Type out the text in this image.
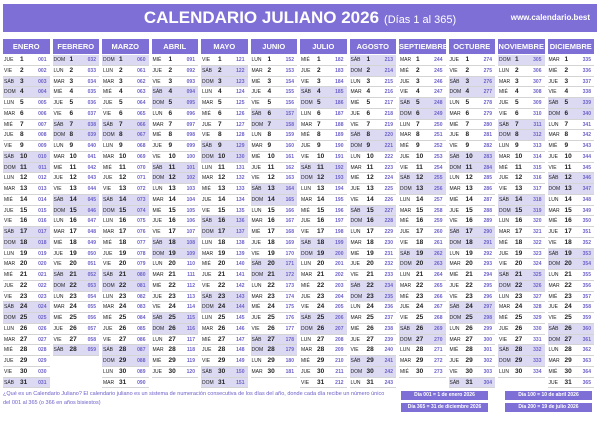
CALENDARIO JULIANO 2026 (Días 1 al 365)	www.calendario.best
ENERO
JUE 1	001
VIE 2	002
SÁB 3	003
DOM 4	004
LUN 5	005
MAR 6	006
MIÉ 7	007
JUE 8	008
VIE 9	009
SÁB 10 010
DOM 11 011
LUN 12 012
MAR 13 013
MIÉ 14 014
JUE 15 015
VIE 16 016
SÁB 17 017
DOM 18 018
LUN 19 019
MAR 20 020
MIÉ 21 021
JUE 22 022
VIE 23 023
SÁB 24 024
DOM 25 025
LUN 26 026
MAR 27 027
MIÉ 28 028
JUE 29 029
VIE 30 030
SÁB 31 031
FEBRERO
DOM 1	032
LUN 2	033
MAR 3	034
MIÉ 4	035
JUE 5	036
VIE 6	037
SÁB 7	038
DOM 8	039
LUN 9	040
MAR 10 041
MIÉ 11 042
JUE 12 043
VIE 13 044
SÁB 14 045
DOM 15 046
LUN 16 047
MAR 17 048
MIÉ 18 049
JUE 19 050
VIE 20 051
SÁB 21 052
DOM 22 053
LUN 23 054
MAR 24 055
MIÉ 25 056
JUE 26 057
VIE 27 058
SÁB 28 059
MARZO
DOM 1	060
LUN 2	061
MAR 3	062
MIÉ 4	063
JUE 5	064
VIE 6	065
SÁB 7	066
DOM 8	067
LUN 9	068
MAR 10 069
MIÉ 11 070
JUE 12 071
VIE 13 072
SÁB 14 073
DOM 15 074
LUN 16 075
MAR 17 076
MIÉ 18 077
JUE 19 078
VIE 20 079
SÁB 21 080
DOM 22 081
LUN 23 082
MAR 24 083
MIÉ 25 084
JUE 26 085
VIE 27 086
SÁB 28 087
DOM 29 088
LUN 30 089
MAR 31 090
ABRIL
MIÉ 1	091
JUE 2	092
VIE 3	093
SÁB 4	094
DOM 5	095
LUN 6	096
MAR 7	097
MIÉ 8	098
JUE 9	099
VIE 10 100
SÁB 11 101
DOM 12 102
LUN 13 103
MAR 14 104
MIÉ 15 105
JUE 16 106
VIE 17 107
SÁB 18 108
DOM 19 109
LUN 20 110
MAR 21 111
MIÉ 22 112
JUE 23 113
VIE 24 114
SÁB 25 115
DOM 26 116
LUN 27 117
MAR 28 118
MIÉ 29 119
JUE 30 120
MAYO
VIE 1	121
SÁB 2	122
DOM 3	123
LUN 4	124
MAR 5	125
MIÉ 6	126
JUE 7	127
VIE 8	128
SÁB 9	129
DOM 10 130
LUN 11 131
MAR 12 132
MIÉ 13 133
JUE 14 134
VIE 15 135
SÁB 16 136
DOM 17 137
LUN 18 138
MAR 19 139
MIÉ 20 140
JUE 21 141
VIE 22 142
SÁB 23 143
DOM 24 144
LUN 25 145
MAR 26 146
MIÉ 27 147
JUE 28 148
VIE 29 149
SÁB 30 150
DOM 31 151
JUNIO
LUN 1	152
MAR 2	153
MIÉ 3	154
JUE 4	155
VIE 5	156
SÁB 6	157
DOM 7	158
LUN 8	159
MAR 9	160
MIÉ 10 161
JUE 11 162
VIE 12 163
SÁB 13 164
DOM 14 165
LUN 15 166
MAR 16 167
MIÉ 17 168
JUE 18 169
VIE 19 170
SÁB 20 171
DOM 21 172
LUN 22 173
MAR 23 174
MIÉ 24 175
JUE 25 176
VIE 26 177
SÁB 27 178
DOM 28 179
LUN 29 180
MAR 30 181
JULIO
MIÉ 1	182
JUE 2	183
VIE 3	184
SÁB 4	185
DOM 5	186
LUN 6	187
MAR 7	188
MIÉ 8	189
JUE 9	190
VIE 10 191
SÁB 11 192
DOM 12 193
LUN 13 194
MAR 14 195
MIÉ 15 196
JUE 16 197
VIE 17 198
SÁB 18 199
DOM 19 200
LUN 20 201
MAR 21 202
MIÉ 22 203
JUE 23 204
VIE 24 205
SÁB 25 206
DOM 26 207
LUN 27 208
MAR 28 209
MIÉ 29 210
JUE 30 211
VIE 31 212
AGOSTO
SÁB 1	213
DOM 2	214
LUN 3	215
MAR 4	216
MIÉ 5	217
JUE 6	218
VIE 7	219
SÁB 8	220
DOM 9	221
LUN 10 222
MAR 11 223
MIÉ 12 224
JUE 13 225
VIE 14 226
SÁB 15 227
DOM 16 228
LUN 17 229
MAR 18 230
MIÉ 19 231
JUE 20 232
VIE 21 233
SÁB 22 234
DOM 23 235
LUN 24 236
MAR 25 237
MIÉ 26 238
JUE 27 239
VIE 28 240
SÁB 29 241
DOM 30 242
LUN 31 243
SEPTIEMBRE
MAR 1	244
MIÉ 2	245
JUE 3	246
VIE 4	247
SÁB 5	248
DOM 6	249
LUN 7	250
MAR 8	251
MIÉ 9	252
JUE 10 253
VIE 11 254
SÁB 12 255
DOM 13 256
LUN 14 257
MAR 15 258
MIÉ 16 259
JUE 17 260
VIE 18 261
SÁB 19 262
DOM 20 263
LUN 21 264
MAR 22 265
MIÉ 23 266
JUE 24 267
VIE 25 268
SÁB 26 269
DOM 27 270
LUN 28 271
MAR 29 272
MIÉ 30 273
OCTUBRE
JUE 1	274
VIE 2	275
SÁB 3	276
DOM 4	277
LUN 5	278
MAR 6	279
MIÉ 7	280
JUE 8	281
VIE 9	282
SÁB 10 283
DOM 11 284
LUN 12 285
MAR 13 286
MIÉ 14 287
JUE 15 288
VIE 16 289
SÁB 17 290
DOM 18 291
LUN 19 292
MAR 20 293
MIÉ 21 294
JUE 22 295
VIE 23 296
SÁB 24 297
DOM 25 298
LUN 26 299
MAR 27 300
MIÉ 28 301
JUE 29 302
VIE 30 303
SÁB 31 304
NOVIEMBRE
DOM 1	305
LUN 2	306
MAR 3	307
MIÉ 4	308
JUE 5	309
VIE 6	310
SÁB 7	311
DOM 8	312
LUN 9	313
MAR 10 314
MIÉ 11 315
JUE 12 316
VIE 13 317
SÁB 14 318
DOM 15 319
LUN 16 320
MAR 17 321
MIÉ 18 322
JUE 19 323
VIE 20 324
SÁB 21 325
DOM 22 326
LUN 23 327
MAR 24 328
MIÉ 25 329
JUE 26 330
VIE 27 331
SÁB 28 332
DOM 29 333
LUN 30 334
DICIEMBRE
MAR 1	335
MIÉ 2	336
JUE 3	337
VIE 4	338
SÁB 5	339
DOM 6	340
LUN 7	341
MAR 8	342
MIÉ 9	343
JUE 10 344
VIE 11 345
SÁB 12 346
DOM 13 347
LUN 14 348
MAR 15 349
MIÉ 16 350
JUE 17 351
VIE 18 352
SÁB 19 353
DOM 20 354
LUN 21 355
MAR 22 356
MIÉ 23 357
JUE 24 358
VIE 25 359
SÁB 26 360
DOM 27 361
LUN 28 362
MAR 29 363
MIÉ 30 364
JUE 31 365
¿Qué es un Calendario Juliano? El calendario juliano es un sistema de numeración consecutiva de los días del año, donde cada día recibe un número único del 001 al 365 (o 366 en años bisiestos)
Día 001 = 1 de enero 2026	Día 100 = 10 de abril 2026
Día 365 = 31 de diciembre 2026	Día 200 = 19 de julio 2026
